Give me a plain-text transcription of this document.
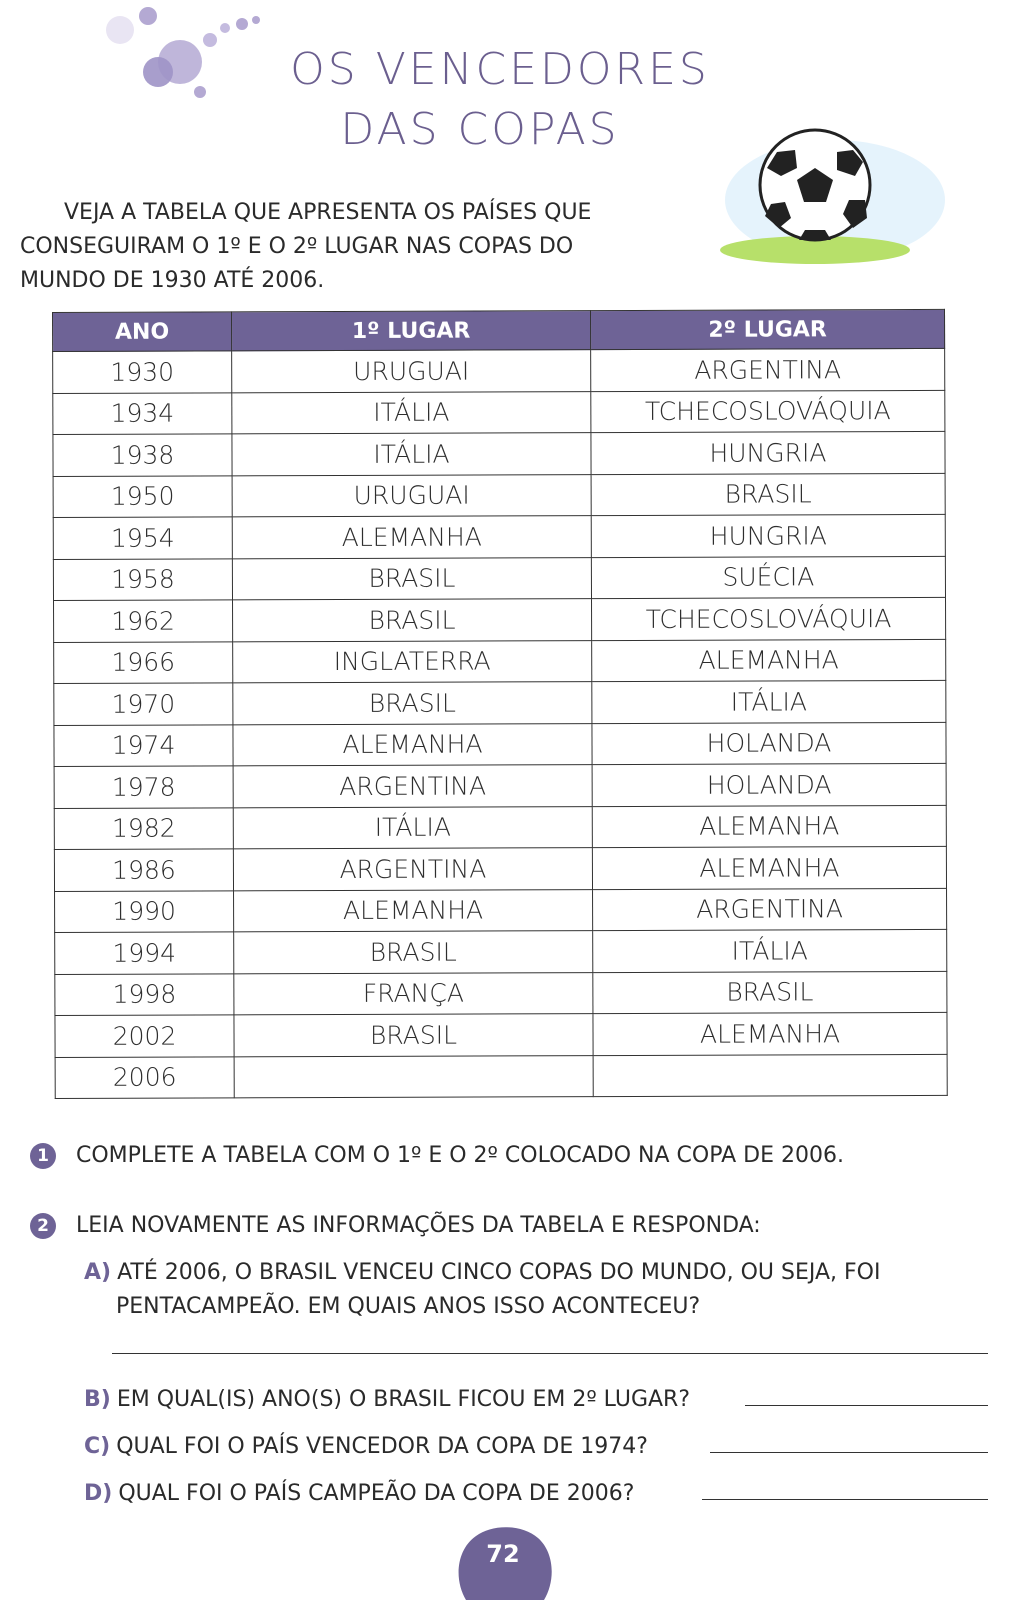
OS VENCEDORES
DAS COPAS
VEJA A TABELA QUE APRESENTA OS PAÍSES QUE
CONSEGUIRAM O 1º E O 2º LUGAR NAS COPAS DO
MUNDO DE 1930 ATÉ 2006.
ANO	1º LUGAR	2º LUGAR
1930	URUGUAI	ARGENTINA
1934	ITÁLIA	TCHECOSLOVÁQUIA
1938	ITÁLIA	HUNGRIA
1950	URUGUAI	BRASIL
1954	ALEMANHA	HUNGRIA
1958	BRASIL	SUÉCIA
1962	BRASIL	TCHECOSLOVÁQUIA
1966	INGLATERRA	ALEMANHA
1970	BRASIL	ITÁLIA
1974	ALEMANHA	HOLANDA
1978	ARGENTINA	HOLANDA
1982	ITÁLIA	ALEMANHA
1986	ARGENTINA	ALEMANHA
1990	ALEMANHA	ARGENTINA
1994	BRASIL	ITÁLIA
1998	FRANÇA	BRASIL
2002	BRASIL	ALEMANHA
2006		
1 COMPLETE A TABELA COM O 1º E O 2º COLOCADO NA COPA DE 2006.
2 LEIA NOVAMENTE AS INFORMAÇÕES DA TABELA E RESPONDA:
A) ATÉ 2006, O BRASIL VENCEU CINCO COPAS DO MUNDO, OU SEJA, FOI
PENTACAMPEÃO. EM QUAIS ANOS ISSO ACONTECEU?
B) EM QUAL(IS) ANO(S) O BRASIL FICOU EM 2º LUGAR?
C) QUAL FOI O PAÍS VENCEDOR DA COPA DE 1974?
D) QUAL FOI O PAÍS CAMPEÃO DA COPA DE 2006?
72
